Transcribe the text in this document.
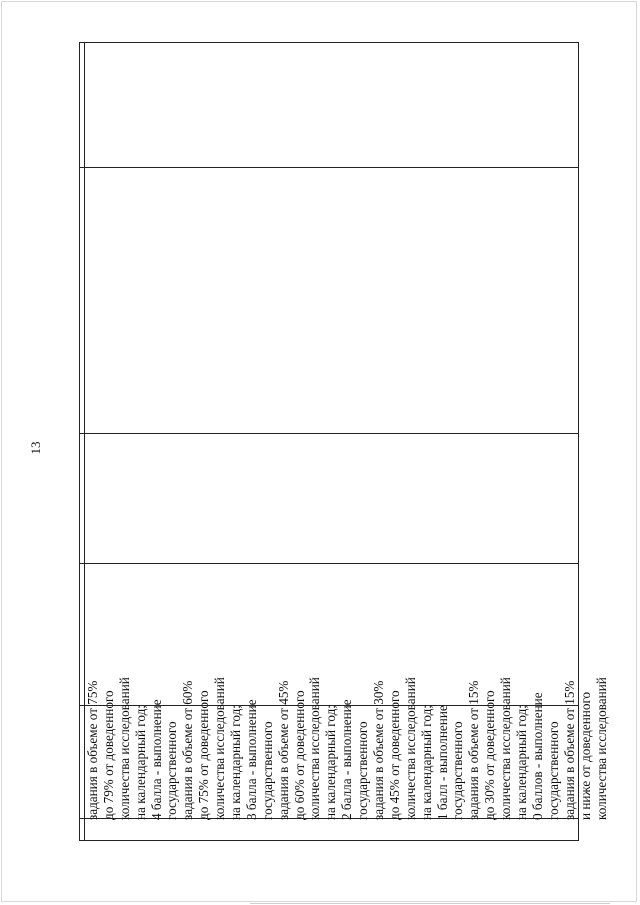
13
задания в объеме от 75% до 79% от доведенного количества исследований на календарный год; 4 балла - выполнение государственного задания в объеме от 60% до 75% от доведенного количества исследований на календарный год; 3 балла - выполнение государственного задания в объеме от 45% до 60% от доведенного количества исследований на календарный год; 2 балла - выполнение государственного задания в объеме от 30% до 45% от доведенного количества исследований на календарный год; 1 балл - выполнение государственного задания в объеме от 15% до 30% от доведенного количества исследований на календарный год; 0 баллов - выполнение государственного задания в объеме от 15% и ниже от доведенного количества исследований
